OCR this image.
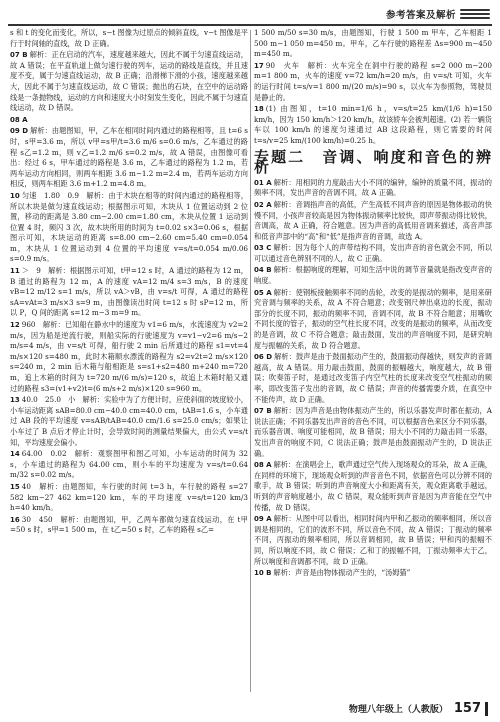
参考答案及解析
s 和 t 的变化而变化，所以，s−t 图像为过原点的倾斜直线，v−t 图像是平行于时间轴的直线，故 D 正确。
07 B 解析：正在启动的汽车，速度越来越大，因此不属于匀速直线运动，故 A 错误；在平直轨道上做匀速行驶的列车，运动的路线是直线，并且速度不变，属于匀速直线运动，故 B 正确；沿滑梯下滑的小孩，速度越来越大，因此不属于匀速直线运动，故 C 错误；抛出的石块，在空中的运动路线是一条抛物线，运动的方向和速度大小时刻发生变化，因此不属于匀速直线运动，故 D 错误。
08 A
09 D 解析：由题图知，甲，乙车在相同时间内通过的路程相等，且 t=6 s 时，s甲=3.6 m，所以 v甲=s甲/t=3.6 m/6 s=0.6 m/s，乙车通过的路程 s乙=1.2 m，则 v乙=1.2 m/6 s=0.2 m/s，故 A 错误，由图像可看出：经过 6 s，甲车通过的路程是 3.6 m，乙车通过的路程为 1.2 m，若两车运动方向相同，则两车相距 3.6 m−1.2 m=2.4 m，若两车运动方向相反，则两车相距 3.6 m+1.2 m=4.8 m。
10 匀速　1.80　0.9　解析：由于木块在相等的时间内通过的路程相等，所以木块是做匀速直线运动；根据图示可知，木块从 1 位置运动到 2 位置，移动的距离是 3.80 cm−2.00 cm=1.80 cm，木块从位置 1 运动到位置 4 时，频闪 3 次，故木块所用的时间为 t=0.02 s×3=0.06 s，根据图示可知，木块运动的距离 s=8.00 cm−2.60 cm=5.40 cm=0.054 m，木块从 1 位置运动到 4 位置的平均速度 v=s/t=0.054 m/0.06 s=0.9 m/s。
11 ＞　9　解析：根据图示可知，t甲=12 s 时，A 通过的路程为 12 m，B 通过的路程为 12 m，A 的速度 vA=12 m/4 s=3 m/s，B 的速度 vB=12 m/12 s=1 m/s，所以 vA＞vB，由 v=s/t 可得，A 通过的路程 sA=vAt=3 m/s×3 s=9 m，由图像读出时间 t=12 s 时 sP=12 m，所以 P，Q 间的距离 s=12 m−3 m=9 m。
12 960　解析：已知船在静水中的速度为 v1=6 m/s，水流速度为 v2=2 m/s，因为船是逆流行驶，则船实际的行驶速度为 v=v1−v2=6 m/s−2 m/s=4 m/s，由 v=s/t 可得，船行驶 2 min 后所通过的路程 s1=vt=4 m/s×120 s=480 m，此时木箱顺水漂流的路程为 s2=v2t=2 m/s×120 s=240 m，2 min 后木箱与船相距是 s=s1+s2=480 m+240 m=720 m，追上木箱的时间为 t=720 m/(6 m/s)=120 s，故追上木箱时船又通过的路程 s3=(v1+v2)t=(6 m/s+2 m/s)×120 s=960 m。
13 40.0　25.0　小　解析：实验中为了方便计时，应使斜面的坡度较小，小车运动距离 sAB=80.0 cm−40.0 cm=40.0 cm，tAB=1.6 s，小车通过 AB 段的平均速度 v=sAB/tAB=40.0 cm/1.6 s=25.0 cm/s；如果让小车过了 B 点后才停止计时，会导致时间的测量结果偏大，由公式 v=s/t 知，平均速度会偏小。
14 64.00　0.02　解析：观察图甲和图乙可知，小车运动的时间为 32 s，小车通过的路程为 64.00 cm，则小车的平均速度为 v=s/t=0.64 m/32 s=0.02 m/s。
15 40　解析：由题图知，车行驶的时间 t=3 h，车行驶的路程 s=27 582 km−27 462 km=120 km，车的平均速度 v=s/t=120 km/3 h=40 km/h。
16 30　450　解析：由题图知，甲，乙两车都做匀速直线运动，在 t甲=50 s 时，s甲=1 500 m，在 t乙=50 s 时，乙车的路程 s乙=
1 500 m/50 s=30 m/s，由题图知，行驶 1 500 m 甲车，乙车相距 1 500 m−1 050 m=450 m。甲车，乙车行驶的路程差 Δs=900 m−450 m=450 m。
17 90　火车　解析：火车完全在洞中行驶的路程 s=2 000 m−200 m=1 800 m，火车的速度 v=72 km/h=20 m/s，由 v=s/t 可知，火车的运行时间 t=s/v=1 800 m/(20 m/s)=90 s，以火车为参照物，驾驶员是静止的。
18 (1) 由图知，t=10 min=1/6 h，v=s/t=25 km/(1/6 h)=150 km/h，因为 150 km/h＞120 km/h，故该轿车会被判超速。(2) 若一辆货车以 100 km/h 的速度匀速通过 AB 这段路程，则它需要的时间 t=s/v=25 km/(100 km/h)=0.25 h。
专题二　音调、响度和音色的辨析
01 A 解析：用相同的力度敲击大小不同的编钟，编钟的质量不同，振动的频率不同，发出声音的音调不同，故 A 正确。
02 A 解析：音调指声音的高低，产生高低不同声音的原因是物体振动的快慢不同，小孩声音较高是因为物体振动频率比较快，即声带振动得比较快，音调高，故 A 正确，符合题意。因为声音的高低用音调来描述，高音声部和低音声部中的“高”和“低”是指声音的音调，故选 A。
03 C 解析：因为每个人的声带结构不同，发出声音的音色就会不同，所以可以通过音色辨别不同的人，故 C 正确。
04 B 解析：根据响度的理解，可知生活中说的调节音量就是指改变声音的响度。
05 A 解析：使钢板接触频率不同的齿轮，改变的是振动的频率，是用来研究音调与频率的关系，故 A 不符合题意；改变钢尺伸出桌边的长度，振动部分的长度不同，振动的频率不同，音调不同，故 B 不符合题意；用嘴吹不同长度的管子，振动的空气柱长度不同，改变的是振动的频率，从而改变的是音调，故 C 不符合题意；敲击鼓面，发出的声音响度不同，是研究响度与振幅的关系，故 D 符合题意。
06 D 解析：鼓声是由于鼓面振动产生的，鼓面振动得越快，则发声的音调越高，故 A 错误。用力敲击鼓面，鼓面的振幅越大，响度越大，故 B 错误；吹奏笛子时，是通过改变笛子内空气柱的长度来改变空气柱振动的频率，即改变笛子发出的音调，故 C 错误；声音的传播需要介质，在真空中不能传声，故 D 正确。
07 B 解析：因为声音是由物体振动产生的，所以乐器发声时都在振动，A 说法正确；不同乐器发出声音的音色不同，可以根据音色来区分不同乐器，而乐器音调、响度可能相同，故 B 错误；用大小不同的力敲击同一乐器，发出声音的响度不同，C 说法正确；鼓声是由鼓面振动产生的，D 说法正确。
08 A 解析：在演唱会上，歌声通过空气传入现场观众的耳朵，故 A 正确，在同样的环境下，现场观众听到的声音音色不同，依据音色可以分辨不同的歌手，故 B 错误；听到的声音响度大小和距离有关，观众距离歌手越远，听到的声音响度越小，故 C 错误，观众能听到声音是因为声音能在空气中传播，故 D 错误。
09 A 解析：从图中可以看出，相同时间内甲和乙振动的频率相同，所以音调是相同的，它们的波形不同，所以音色不同，故 A 错误；丁振动的频率不同，丙振动的频率相同，所以音调相同，故 B 错误；甲和丙的振幅不同，所以响度不同，故 C 错误；乙和丁的振幅不同，丁振动频率大于乙，所以响度和音调都不同，故 D 正确。
10 B 解析：声音是由物体振动产生的，“汤姆猫”
物理八年级上（人教版） 157
